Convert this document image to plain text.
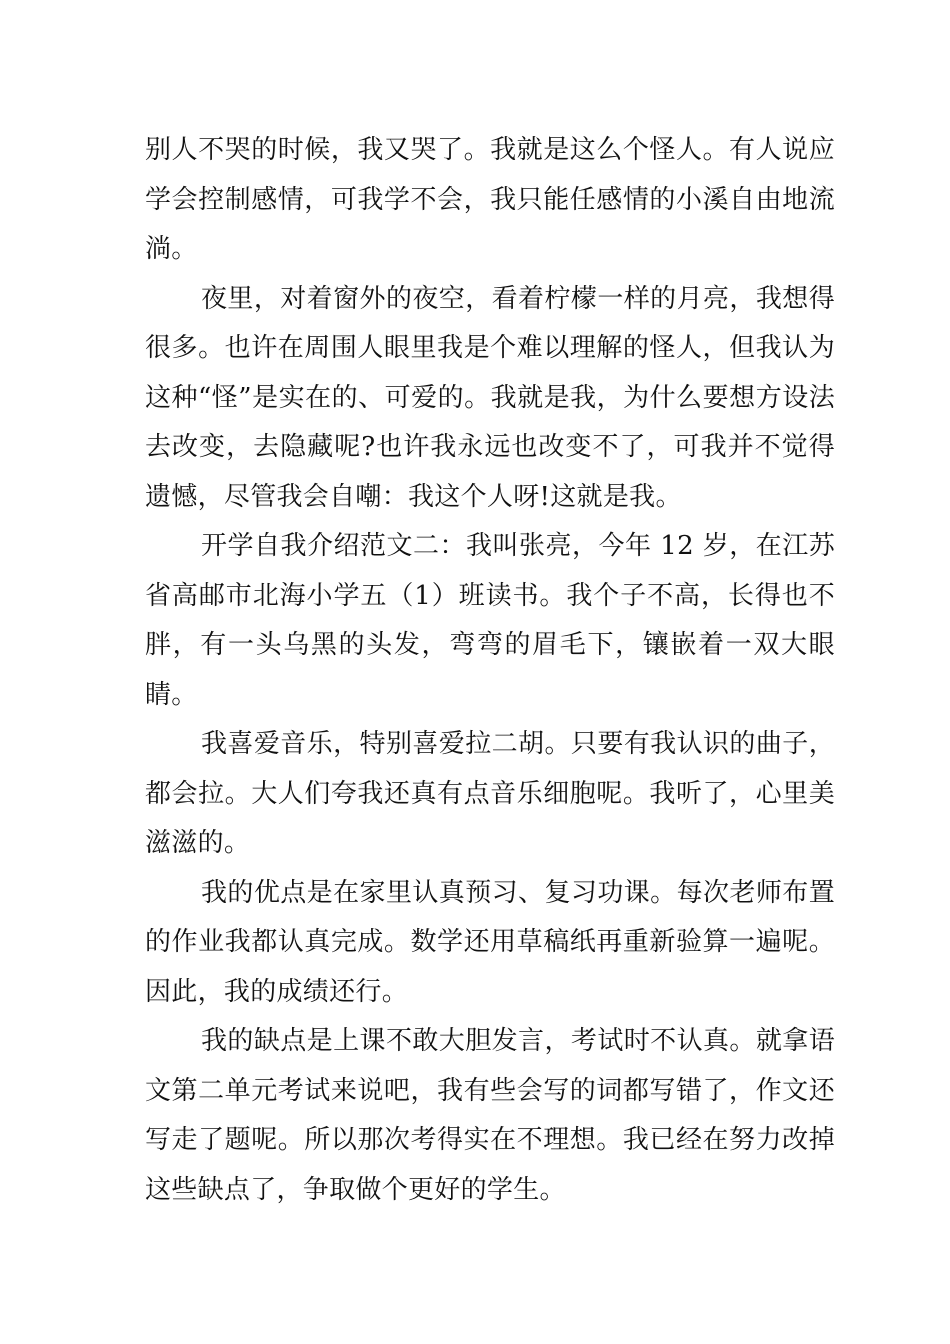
别人不哭的时候，我又哭了。我就是这么个怪人。有人说应学会控制感情，可我学不会，我只能任感情的小溪自由地流淌。

夜里，对着窗外的夜空，看着柠檬一样的月亮，我想得很多。也许在周围人眼里我是个难以理解的怪人，但我认为这种“怪”是实在的、可爱的。我就是我，为什么要想方设法去改变，去隐藏呢?也许我永远也改变不了，可我并不觉得遗憾，尽管我会自嘲：我这个人呀!这就是我。

开学自我介绍范文二：我叫张亮，今年 12 岁，在江苏省高邮市北海小学五（1）班读书。我个子不高，长得也不胖，有一头乌黑的头发，弯弯的眉毛下，镶嵌着一双大眼睛。

我喜爱音乐，特别喜爱拉二胡。只要有我认识的曲子，都会拉。大人们夸我还真有点音乐细胞呢。我听了，心里美滋滋的。

我的优点是在家里认真预习、复习功课。每次老师布置的作业我都认真完成。数学还用草稿纸再重新验算一遍呢。因此，我的成绩还行。

我的缺点是上课不敢大胆发言，考试时不认真。就拿语文第二单元考试来说吧，我有些会写的词都写错了，作文还写走了题呢。所以那次考得实在不理想。我已经在努力改掉这些缺点了，争取做个更好的学生。
